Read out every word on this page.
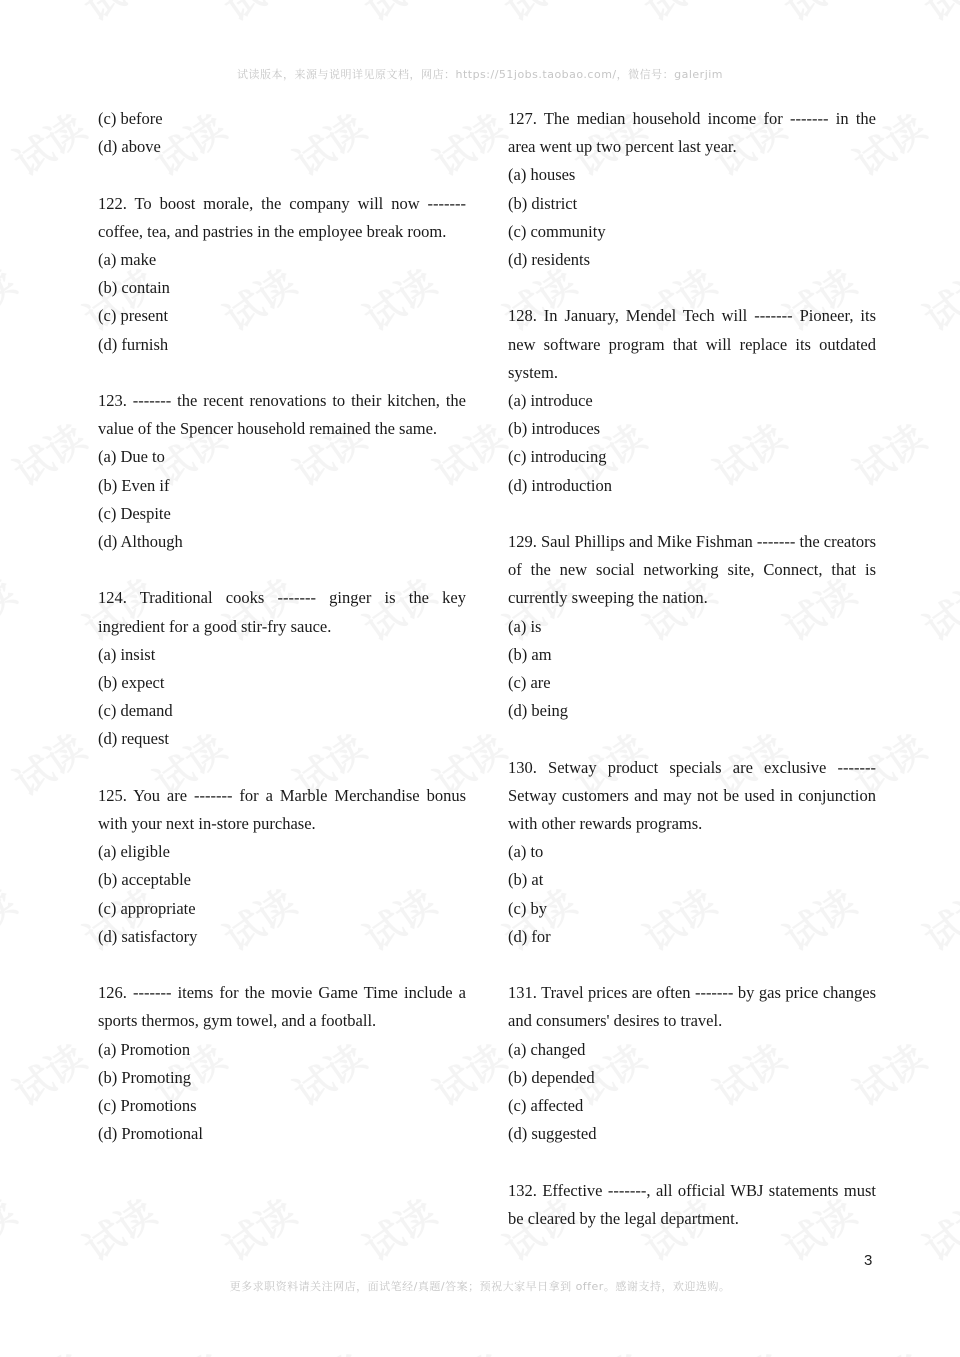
试读版本，来源与说明详见原文档，网店：https://51jobs.taobao.com/，微信号：galerjim
(c) before
(d) above
122. To boost morale, the company will now ------- coffee, tea, and pastries in the employee break room.
(a) make
(b) contain
(c) present
(d) furnish
123. ------- the recent renovations to their kitchen, the value of the Spencer household remained the same.
(a) Due to
(b) Even if
(c) Despite
(d) Although
124. Traditional cooks ------- ginger is the key ingredient for a good stir-fry sauce.
(a) insist
(b) expect
(c) demand
(d) request
125. You are ------- for a Marble Merchandise bonus with your next in-store purchase.
(a) eligible
(b) acceptable
(c) appropriate
(d) satisfactory
126. ------- items for the movie Game Time include a sports thermos, gym towel, and a football.
(a) Promotion
(b) Promoting
(c) Promotions
(d) Promotional
127. The median household income for ------- in the area went up two percent last year.
(a) houses
(b) district
(c) community
(d) residents
128. In January, Mendel Tech will ------- Pioneer, its new software program that will replace its outdated system.
(a) introduce
(b) introduces
(c) introducing
(d) introduction
129. Saul Phillips and Mike Fishman ------- the creators of the new social networking site, Connect, that is currently sweeping the nation.
(a) is
(b) am
(c) are
(d) being
130. Setway product specials are exclusive ------- Setway customers and may not be used in conjunction with other rewards programs.
(a) to
(b) at
(c) by
(d) for
131. Travel prices are often ------- by gas price changes and consumers' desires to travel.
(a) changed
(b) depended
(c) affected
(d) suggested
132. Effective -------, all official WBJ statements must be cleared by the legal department.
3
更多求职资料请关注网店，面试笔经/真题/答案；预祝大家早日拿到 offer。感谢支持，欢迎选购。
